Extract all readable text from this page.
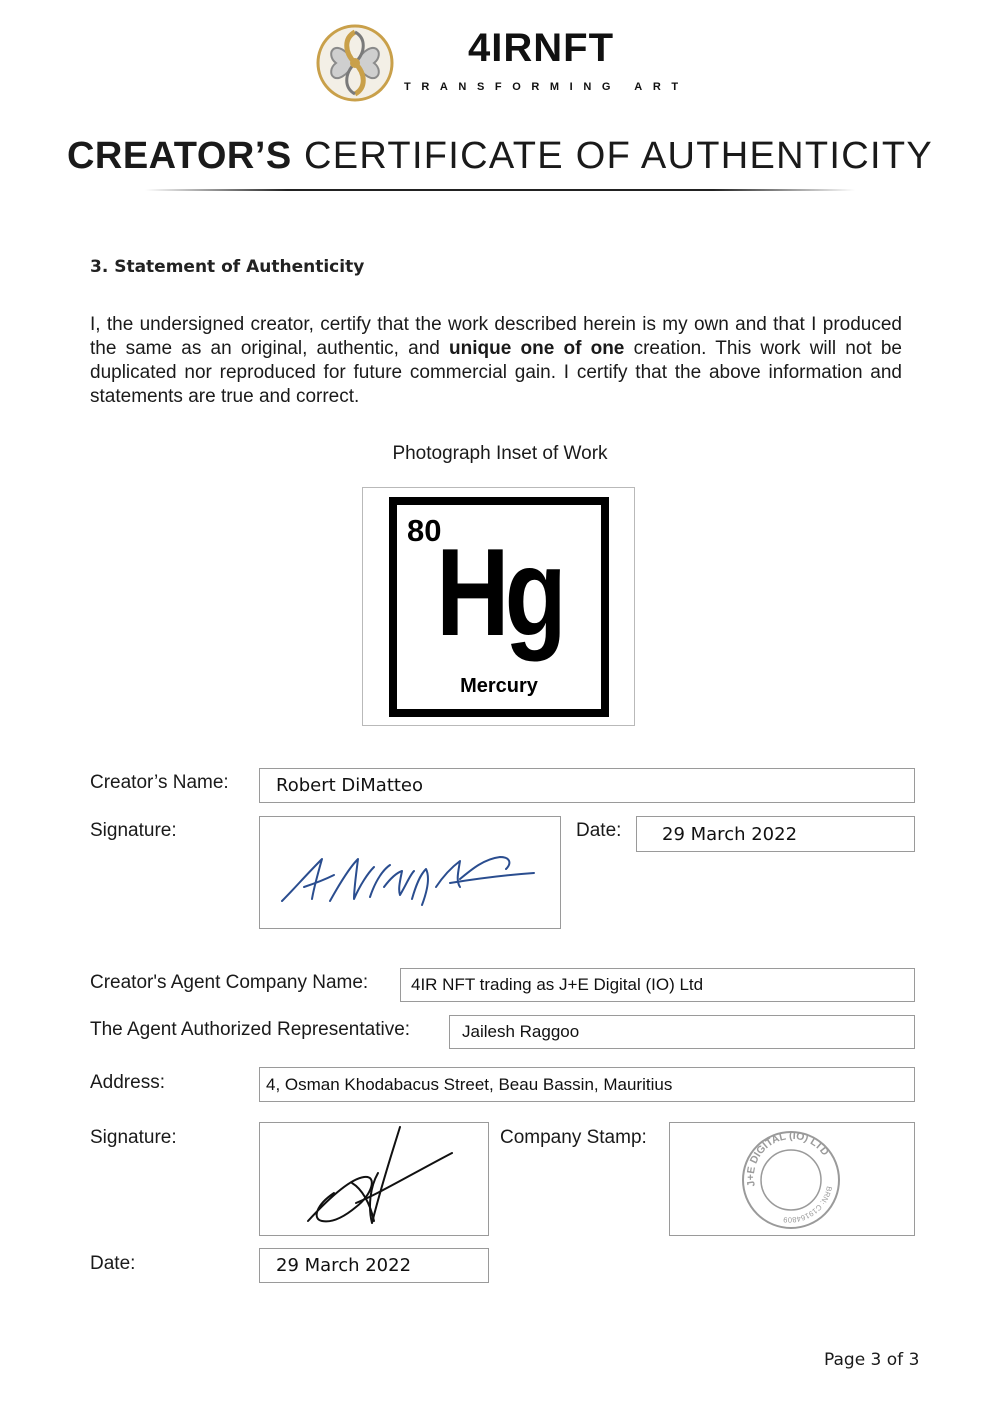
4IRNFT
TRANSFORMING ART
CREATOR’S CERTIFICATE OF AUTHENTICITY
3. Statement of Authenticity
I, the undersigned creator, certify that the work described herein is my own and that I produced the same as an original, authentic, and unique one of one creation. This work will not be duplicated nor reproduced for future commercial gain. I certify that the above information and statements are true and correct.
Photograph Inset of Work
80
Hg
Mercury
Creator’s Name:	Robert DiMatteo
Signature:	Date:	29 March 2022
Creator's Agent Company Name:	4IR NFT trading as J+E Digital (IO) Ltd
The Agent Authorized Representative:	Jailesh Raggoo
Address:	4, Osman Khodabacus Street, Beau Bassin, Mauritius
Signature:	Company Stamp:
J+E DIGITAL (IO) LTD
BRN: C19164809
Date:	29 March 2022
Page 3 of 3
